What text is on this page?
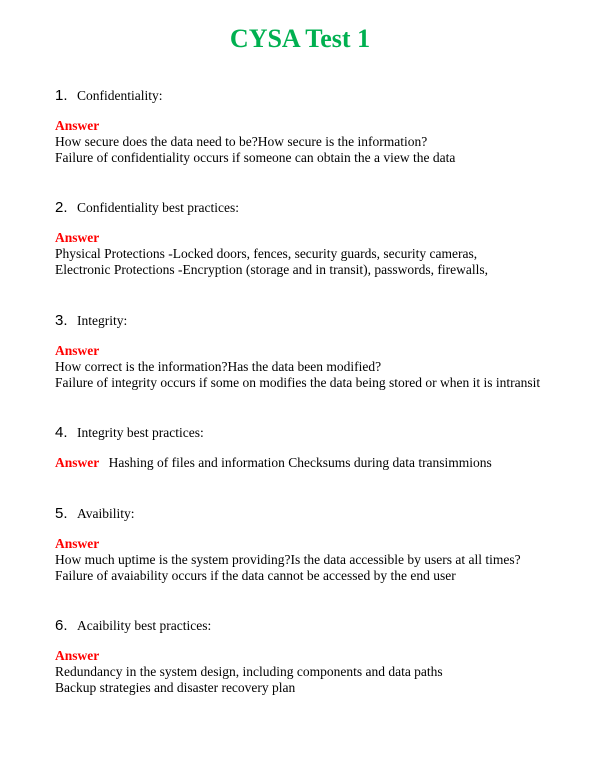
CYSA Test 1
1. Confidentiality:
Answer
How secure does the data need to be?How secure is the information?
Failure of confidentiality occurs if someone can obtain the a view the data
2. Confidentiality best practices:
Answer
Physical Protections -Locked doors, fences, security guards, security cameras,
Electronic Protections -Encryption (storage and in transit), passwords, firewalls,
3. Integrity:
Answer
How correct is the information?Has the data been modified?
Failure of integrity occurs if some on modifies the data being stored or when it is intransit
4. Integrity best practices:
Answer Hashing of files and information Checksums during data transimmions
5. Avaibility:
Answer
How much uptime is the system providing?Is the data accessible by users at all times?
Failure of avaiability occurs if the data cannot be accessed by the end user
6. Acaibility best practices:
Answer
Redundancy in the system design, including components and data paths
Backup strategies and disaster recovery plan
